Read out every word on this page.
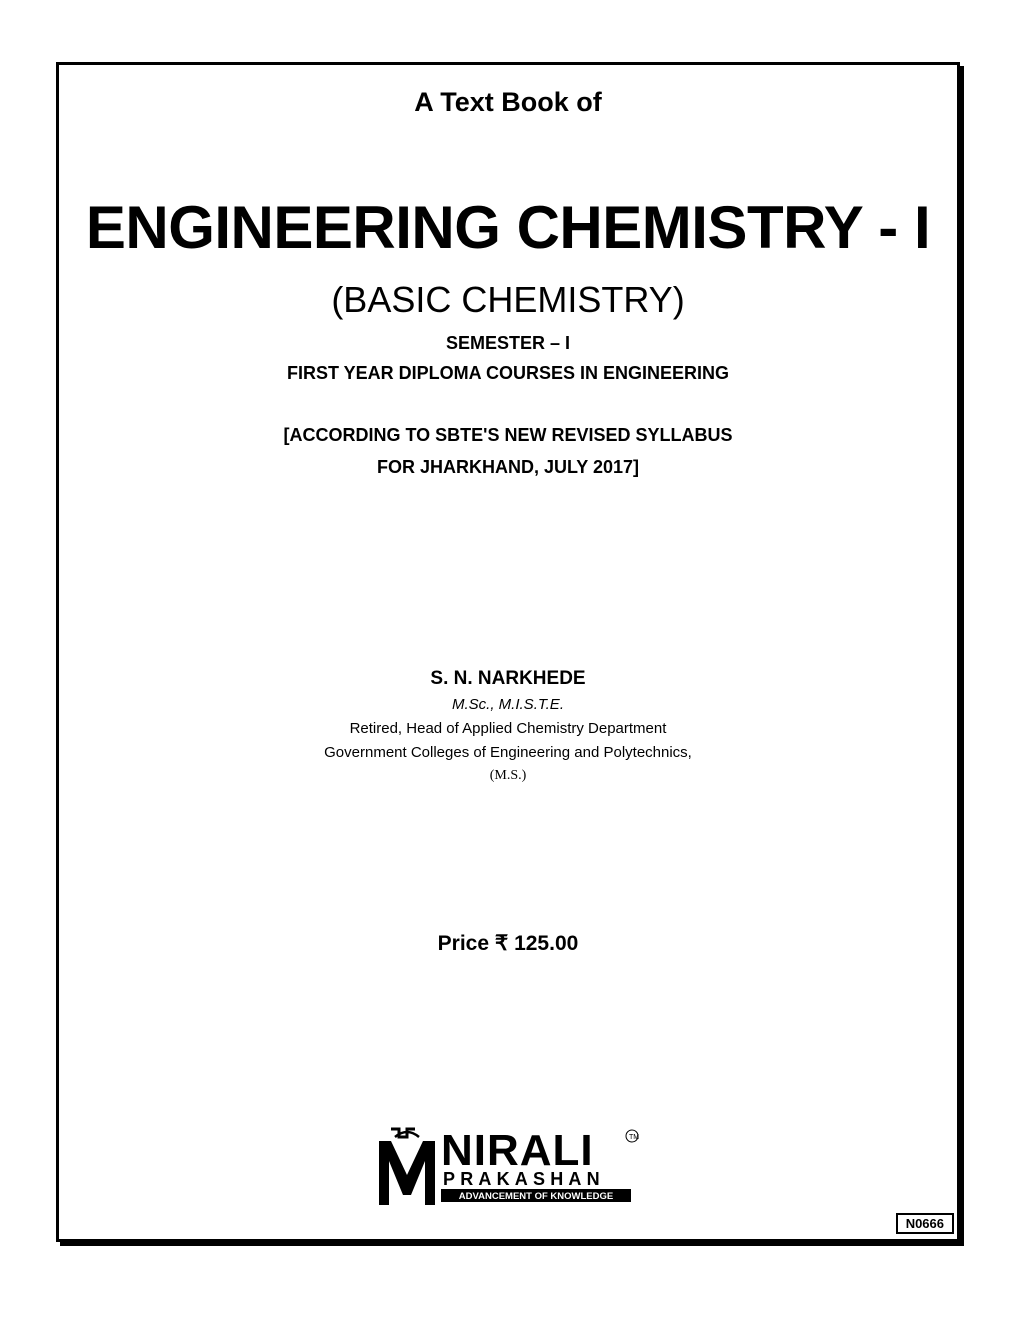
A Text Book of
ENGINEERING CHEMISTRY - I
(BASIC CHEMISTRY)
SEMESTER – I
FIRST YEAR DIPLOMA COURSES IN ENGINEERING
[ACCORDING TO SBTE'S NEW REVISED SYLLABUS
FOR JHARKHAND, JULY 2017]
S. N. NARKHEDE
M.Sc., M.I.S.T.E.
Retired, Head of Applied Chemistry Department
Government Colleges of Engineering and Polytechnics,
(M.S.)
Price ₹ 125.00
NIRALI	TM
PRAKASHAN
ADVANCEMENT OF KNOWLEDGE
N0666
